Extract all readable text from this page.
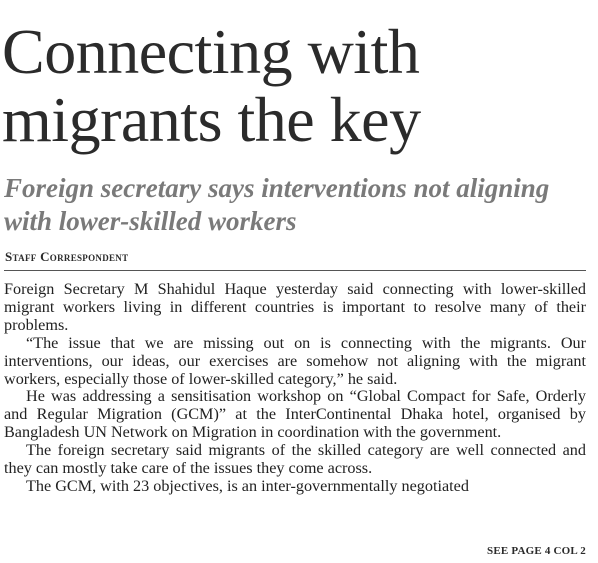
Connecting with migrants the key
Foreign secretary says interventions not aligning with lower-skilled workers
Staff Correspondent

Foreign Secretary M Shahidul Haque yesterday said connecting with lower-skilled migrant workers living in different countries is important to resolve many of their problems.

“The issue that we are missing out on is connecting with the migrants. Our interventions, our ideas, our exercises are somehow not aligning with the migrant workers, especially those of lower-skilled category,” he said.

He was addressing a sensitisation workshop on “Global Compact for Safe, Orderly and Regular Migration (GCM)” at the InterContinental Dhaka hotel, organised by Bangladesh UN Network on Migration in coordination with the government.

The foreign secretary said migrants of the skilled category are well connected and they can mostly take care of the issues they come across.

The GCM, with 23 objectives, is an inter-governmentally negotiated

SEE PAGE 4 COL 2
